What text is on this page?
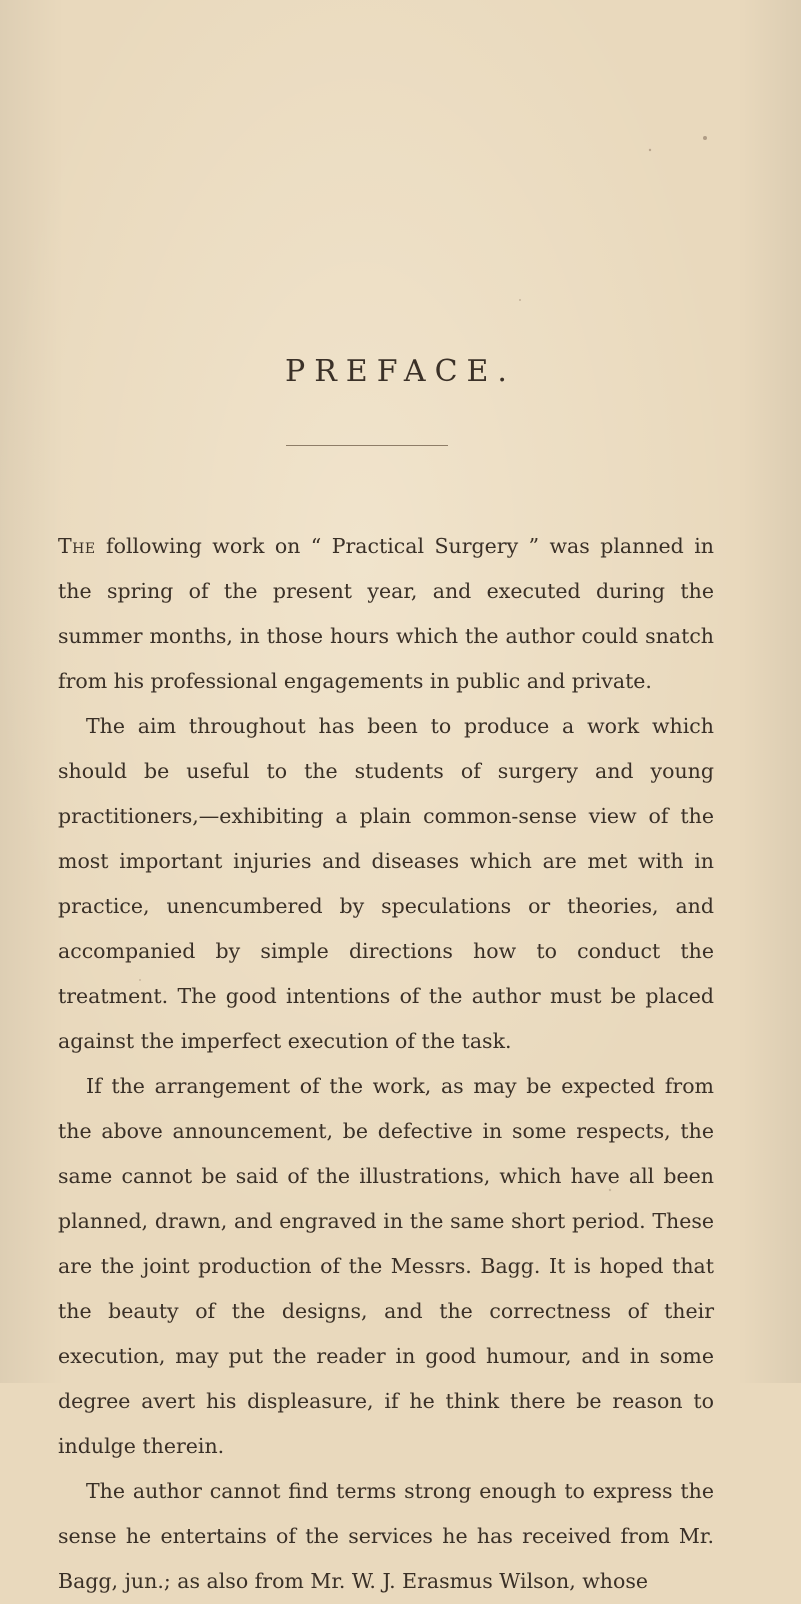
PREFACE.

The following work on “ Practical Surgery ” was planned in the spring of the present year, and executed during the summer months, in those hours which the author could snatch from his professional engagements in public and private.

The aim throughout has been to produce a work which should be useful to the students of surgery and young practitioners,—exhibiting a plain common-sense view of the most important injuries and diseases which are met with in practice, unencumbered by speculations or theories, and accompanied by simple directions how to conduct the treatment. The good intentions of the author must be placed against the imperfect execution of the task.

If the arrangement of the work, as may be expected from the above announcement, be defective in some respects, the same cannot be said of the illustrations, which have all been planned, drawn, and engraved in the same short period. These are the joint production of the Messrs. Bagg. It is hoped that the beauty of the designs, and the correctness of their execution, may put the reader in good humour, and in some degree avert his displeasure, if he think there be reason to indulge therein.

The author cannot find terms strong enough to express the sense he entertains of the services he has received from Mr. Bagg, jun.; as also from Mr. W. J. Erasmus Wilson, whose
